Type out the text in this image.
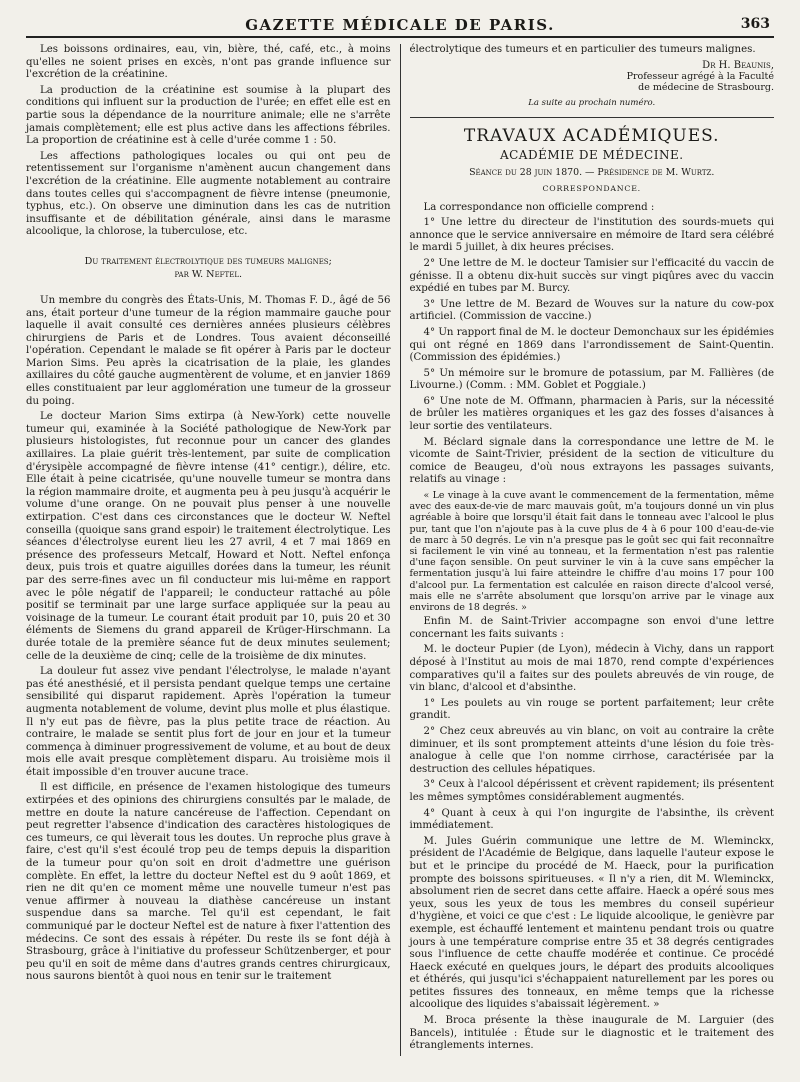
GAZETTE MÉDICALE DE PARIS.	363

Les boissons ordinaires, eau, vin, bière, thé, café, etc., à moins qu'elles ne soient prises en excès, n'ont pas grande influence sur l'excrétion de la créatinine.

La production de la créatinine est soumise à la plupart des conditions qui influent sur la production de l'urée; en effet elle est en partie sous la dépendance de la nourriture animale; elle ne s'arrête jamais complètement; elle est plus active dans les affections fébriles. La proportion de créatinine est à celle d'urée comme 1 : 50.

Les affections pathologiques locales ou qui ont peu de retentissement sur l'organisme n'amènent aucun changement dans l'excrétion de la créatinine. Elle augmente notablement au contraire dans toutes celles qui s'accompagnent de fièvre intense (pneumonie, typhus, etc.). On observe une diminution dans les cas de nutrition insuffisante et de débilitation générale, ainsi dans le marasme alcoolique, la chlorose, la tuberculose, etc.

Du traitement électrolytique des tumeurs malignes;
par W. Neftel.

Un membre du congrès des États-Unis, M. Thomas F. D., âgé de 56 ans, était porteur d'une tumeur de la région mammaire gauche pour laquelle il avait consulté ces dernières années plusieurs célèbres chirurgiens de Paris et de Londres. Tous avaient déconseillé l'opération. Cependant le malade se fit opérer à Paris par le docteur Marion Sims. Peu après la cicatrisation de la plaie, les glandes axillaires du côté gauche augmentèrent de volume, et en janvier 1869 elles constituaient par leur agglomération une tumeur de la grosseur du poing.

Le docteur Marion Sims extirpa (à New-York) cette nouvelle tumeur qui, examinée à la Société pathologique de New-York par plusieurs histologistes, fut reconnue pour un cancer des glandes axillaires. La plaie guérit très-lentement, par suite de complication d'érysipèle accompagné de fièvre intense (41° centigr.), délire, etc. Elle était à peine cicatrisée, qu'une nouvelle tumeur se montra dans la région mammaire droite, et augmenta peu à peu jusqu'à acquérir le volume d'une orange. On ne pouvait plus penser à une nouvelle extirpation. C'est dans ces circonstances que le docteur W. Neftel conseilla (quoique sans grand espoir) le traitement électrolytique. Les séances d'électrolyse eurent lieu les 27 avril, 4 et 7 mai 1869 en présence des professeurs Metcalf, Howard et Nott. Neftel enfonça deux, puis trois et quatre aiguilles dorées dans la tumeur, les réunit par des serre-fines avec un fil conducteur mis lui-même en rapport avec le pôle négatif de l'appareil; le conducteur rattaché au pôle positif se terminait par une large surface appliquée sur la peau au voisinage de la tumeur. Le courant était produit par 10, puis 20 et 30 éléments de Siemens du grand appareil de Krüger-Hirschmann. La durée totale de la première séance fut de deux minutes seulement; celle de la deuxième de cinq; celle de la troisième de dix minutes.

La douleur fut assez vive pendant l'électrolyse, le malade n'ayant pas été anesthésié, et il persista pendant quelque temps une certaine sensibilité qui disparut rapidement. Après l'opération la tumeur augmenta notablement de volume, devint plus molle et plus élastique. Il n'y eut pas de fièvre, pas la plus petite trace de réaction. Au contraire, le malade se sentit plus fort de jour en jour et la tumeur commença à diminuer progressivement de volume, et au bout de deux mois elle avait presque complètement disparu. Au troisième mois il était impossible d'en trouver aucune trace.

Il est difficile, en présence de l'examen histologique des tumeurs extirpées et des opinions des chirurgiens consultés par le malade, de mettre en doute la nature cancéreuse de l'affection. Cependant on peut regretter l'absence d'indication des caractères histologiques de ces tumeurs, ce qui lèverait tous les doutes. Un reproche plus grave à faire, c'est qu'il s'est écoulé trop peu de temps depuis la disparition de la tumeur pour qu'on soit en droit d'admettre une guérison complète. En effet, la lettre du docteur Neftel est du 9 août 1869, et rien ne dit qu'en ce moment même une nouvelle tumeur n'est pas venue affirmer à nouveau la diathèse cancéreuse un instant suspendue dans sa marche. Tel qu'il est cependant, le fait communiqué par le docteur Neftel est de nature à fixer l'attention des médecins. Ce sont des essais à répéter. Du reste ils se font déjà à Strasbourg, grâce à l'initiative du professeur Schützenberger, et pour peu qu'il en soit de même dans d'autres grands centres chirurgicaux, nous saurons bientôt à quoi nous en tenir sur le traitement

électrolytique des tumeurs et en particulier des tumeurs malignes.

Dr H. Beaunis,
Professeur agrégé à la Faculté
de médecine de Strasbourg.
La suite au prochain numéro.
TRAVAUX ACADÉMIQUES.
ACADÉMIE DE MÉDECINE.
Séance du 28 juin 1870. — Présidence de M. Wurtz.
CORRESPONDANCE.

La correspondance non officielle comprend :

1° Une lettre du directeur de l'institution des sourds-muets qui annonce que le service anniversaire en mémoire de Itard sera célébré le mardi 5 juillet, à dix heures précises.

2° Une lettre de M. le docteur Tamisier sur l'efficacité du vaccin de génisse. Il a obtenu dix-huit succès sur vingt piqûres avec du vaccin expédié en tubes par M. Burcy.

3° Une lettre de M. Bezard de Wouves sur la nature du cow-pox artificiel. (Commission de vaccine.)

4° Un rapport final de M. le docteur Demonchaux sur les épidémies qui ont régné en 1869 dans l'arrondissement de Saint-Quentin. (Commission des épidémies.)

5° Un mémoire sur le bromure de potassium, par M. Fallières (de Livourne.) (Comm. : MM. Goblet et Poggiale.)

6° Une note de M. Offmann, pharmacien à Paris, sur la nécessité de brûler les matières organiques et les gaz des fosses d'aisances à leur sortie des ventilateurs.

M. Béclard signale dans la correspondance une lettre de M. le vicomte de Saint-Trivier, président de la section de viticulture du comice de Beaugeu, d'où nous extrayons les passages suivants, relatifs au vinage :

« Le vinage à la cuve avant le commencement de la fermentation, même avec des eaux-de-vie de marc mauvais goût, m'a toujours donné un vin plus agréable à boire que lorsqu'il était fait dans le tonneau avec l'alcool le plus pur, tant que l'on n'ajoute pas à la cuve plus de 4 à 6 pour 100 d'eau-de-vie de marc à 50 degrés. Le vin n'a presque pas le goût sec qui fait reconnaître si facilement le vin viné au tonneau, et la fermentation n'est pas ralentie d'une façon sensible. On peut surviner le vin à la cuve sans empêcher la fermentation jusqu'à lui faire atteindre le chiffre d'au moins 17 pour 100 d'alcool pur. La fermentation est calculée en raison directe d'alcool versé, mais elle ne s'arrête absolument que lorsqu'on arrive par le vinage aux environs de 18 degrés. »

Enfin M. de Saint-Trivier accompagne son envoi d'une lettre concernant les faits suivants :

M. le docteur Pupier (de Lyon), médecin à Vichy, dans un rapport déposé à l'Institut au mois de mai 1870, rend compte d'expériences comparatives qu'il a faites sur des poulets abreuvés de vin rouge, de vin blanc, d'alcool et d'absinthe.

1° Les poulets au vin rouge se portent parfaitement; leur crête grandit.

2° Chez ceux abreuvés au vin blanc, on voit au contraire la crête diminuer, et ils sont promptement atteints d'une lésion du foie très-analogue à celle que l'on nomme cirrhose, caractérisée par la destruction des cellules hépatiques.

3° Ceux à l'alcool dépérissent et crèvent rapidement; ils présentent les mêmes symptômes considérablement augmentés.

4° Quant à ceux à qui l'on ingurgite de l'absinthe, ils crèvent immédiatement.

M. Jules Guérin communique une lettre de M. Wleminckx, président de l'Académie de Belgique, dans laquelle l'auteur expose le but et le principe du procédé de M. Haeck, pour la purification prompte des boissons spiritueuses. « Il n'y a rien, dit M. Wleminckx, absolument rien de secret dans cette affaire. Haeck a opéré sous mes yeux, sous les yeux de tous les membres du conseil supérieur d'hygiène, et voici ce que c'est : Le liquide alcoolique, le genièvre par exemple, est échauffé lentement et maintenu pendant trois ou quatre jours à une température comprise entre 35 et 38 degrés centigrades sous l'influence de cette chauffe modérée et continue. Ce procédé Haeck exécuté en quelques jours, le départ des produits alcooliques et éthérés, qui jusqu'ici s'échappaient naturellement par les pores ou petites fissures des tonneaux, en même temps que la richesse alcoolique des liquides s'abaissait légèrement. »

M. Broca présente la thèse inaugurale de M. Larguier (des Bancels), intitulée : Étude sur le diagnostic et le traitement des étranglements internes.
